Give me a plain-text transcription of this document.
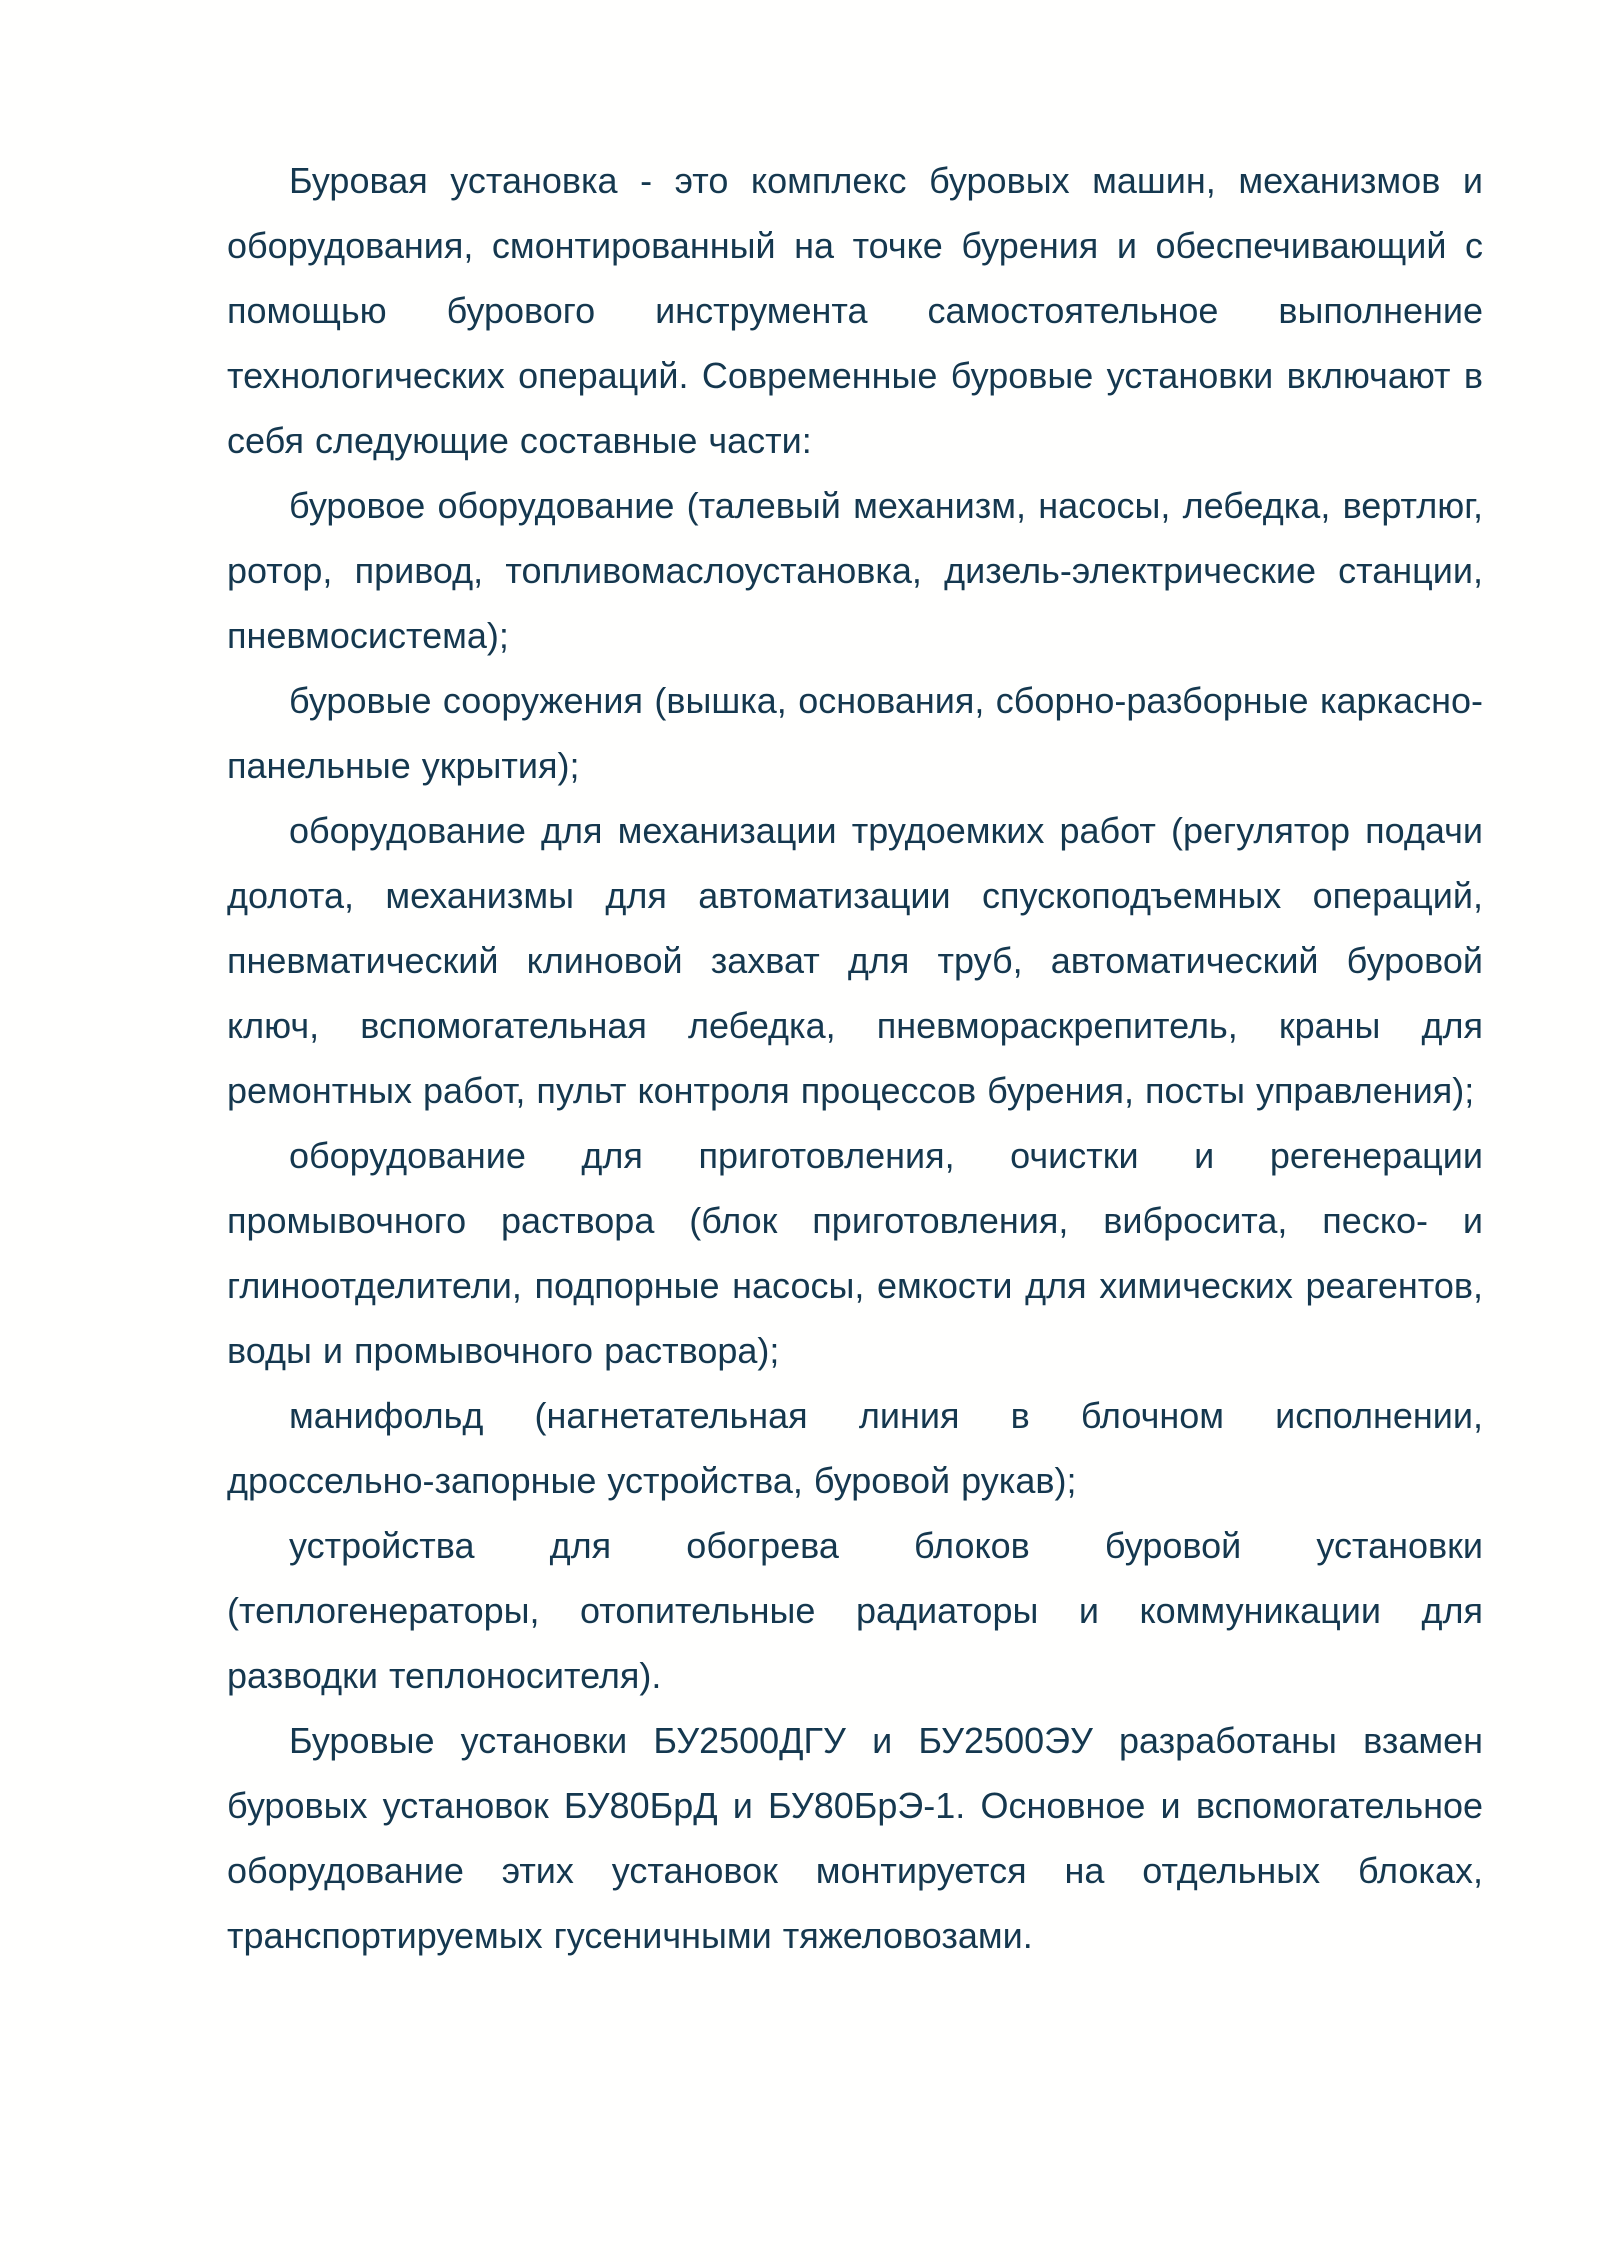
Буровая установка - это комплекс буровых машин, механизмов и оборудования, смонтированный на точке бурения и обеспечивающий с помощью бурового инструмента самостоятельное выполнение технологических операций. Современные буровые установки включают в себя следующие составные части:

буровое оборудование (талевый механизм, насосы, лебедка, вертлюг, ротор, привод, топливомаслоустановка, дизель-электрические станции, пневмосистема);

буровые сооружения (вышка, основания, сборно-разборные каркасно-панельные укрытия);

оборудование для механизации трудоемких работ (регулятор подачи долота, механизмы для автоматизации спускоподъемных операций, пневматический клиновой захват для труб, автоматический буровой ключ, вспомогательная лебедка, пневмораскрепитель, краны для ремонтных работ, пульт контроля процессов бурения, посты управления);

оборудование для приготовления, очистки и регенерации промывочного раствора (блок приготовления, вибросита, песко- и глиноотделители, подпорные насосы, емкости для химических реагентов, воды и промывочного раствора);

манифольд (нагнетательная линия в блочном исполнении, дроссельно-запорные устройства, буровой рукав);

устройства для обогрева блоков буровой установки (теплогенераторы, отопительные радиаторы и коммуникации для разводки теплоносителя).

Буровые установки БУ2500ДГУ и БУ2500ЭУ разработаны взамен буровых установок БУ80БрД и БУ80БрЭ-1. Основное и вспомогательное оборудование этих установок монтируется на отдельных блоках, транспортируемых гусеничными тяжеловозами.
